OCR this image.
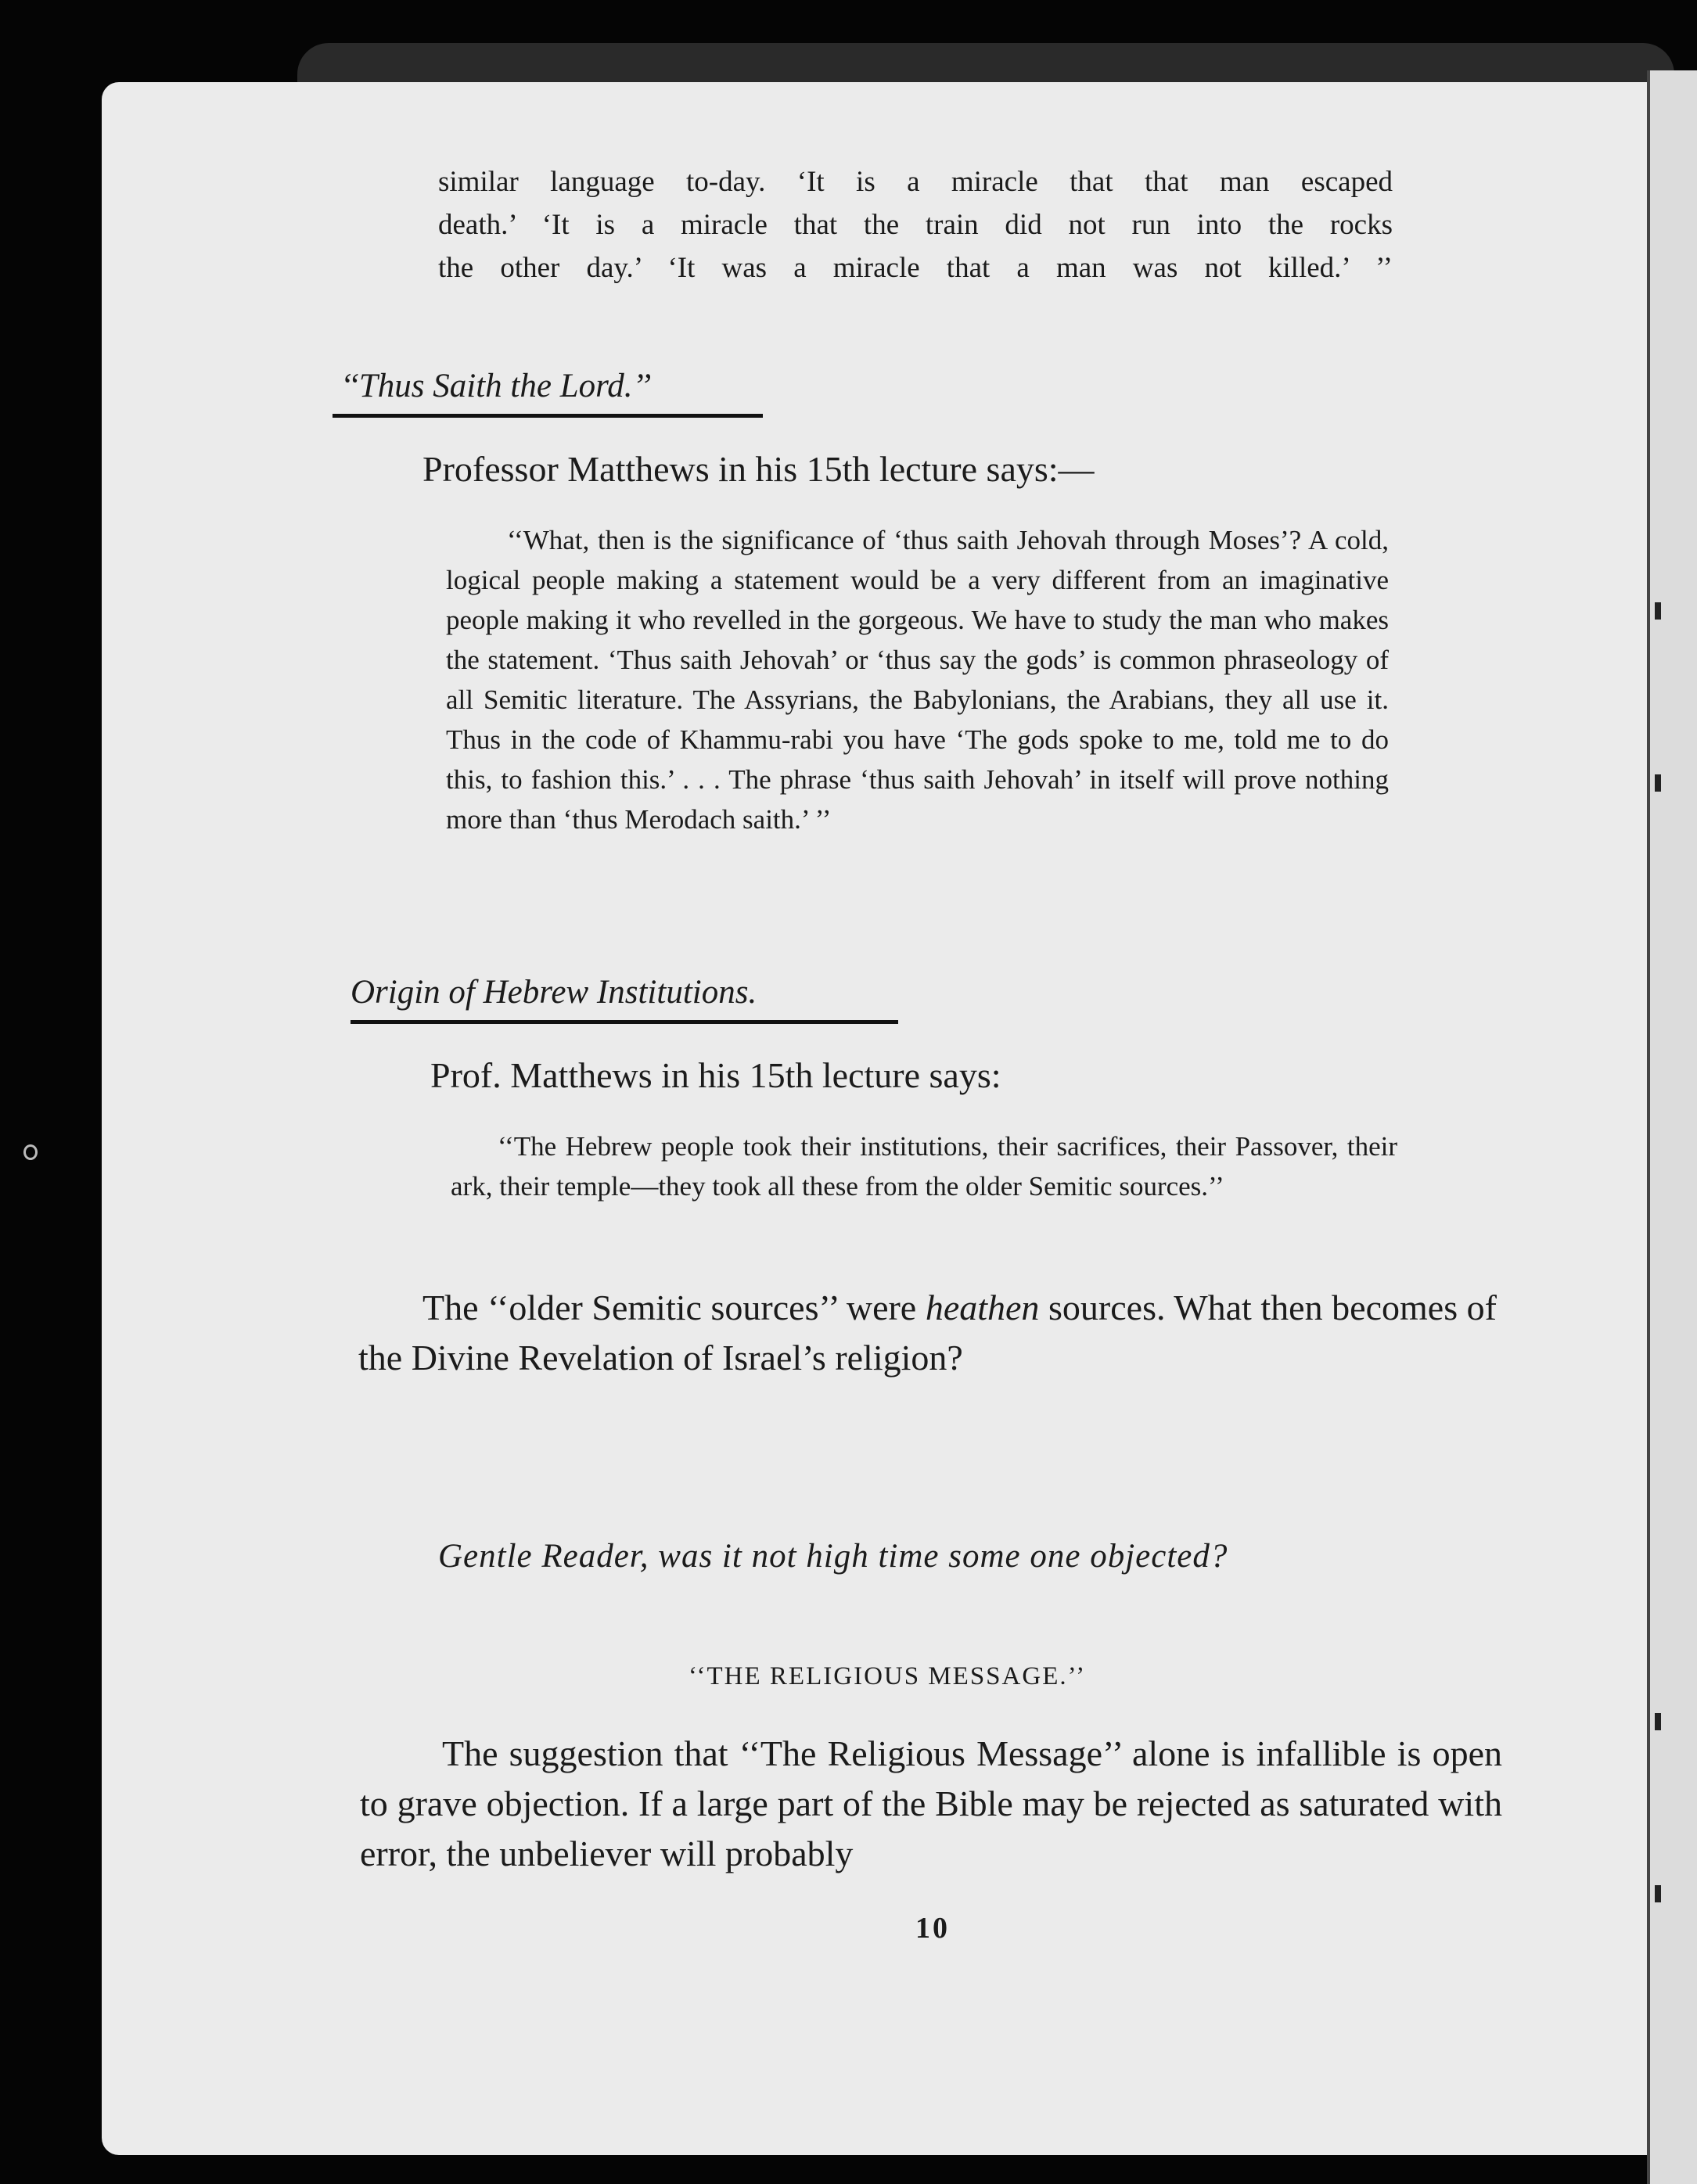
similar language to-day. ‘It is a miracle that that man escaped
death.’ ‘It is a miracle that the train did not run into the rocks
the other day.’ ‘It was a miracle that a man was not killed.’ ’’
‘‘Thus Saith the Lord.’’
Professor Matthews in his 15th lecture says:—
‘‘What, then is the significance of ‘thus saith Jehovah through Moses’? A cold, logical people making a statement would be a very different from an imaginative people making it who revelled in the gorgeous. We have to study the man who makes the statement. ‘Thus saith Jehovah’ or ‘thus say the gods’ is common phraseology of all Semitic literature. The Assyrians, the Babylonians, the Arabians, they all use it. Thus in the code of Khammu-rabi you have ‘The gods spoke to me, told me to do this, to fashion this.’ . . . The phrase ‘thus saith Jehovah’ in itself will prove nothing more than ‘thus Merodach saith.’ ’’
Origin of Hebrew Institutions.
Prof. Matthews in his 15th lecture says:
‘‘The Hebrew people took their institutions, their sacrifices, their Passover, their ark, their temple—they took all these from the older Semitic sources.’’
The ‘‘older Semitic sources’’ were heathen sources. What then becomes of the Divine Revelation of Israel’s religion?
Gentle Reader, was it not high time some one objected?
‘‘THE RELIGIOUS MESSAGE.’’
The suggestion that ‘‘The Religious Message’’ alone is infallible is open to grave objection. If a large part of the Bible may be rejected as saturated with error, the unbeliever will probably
10
